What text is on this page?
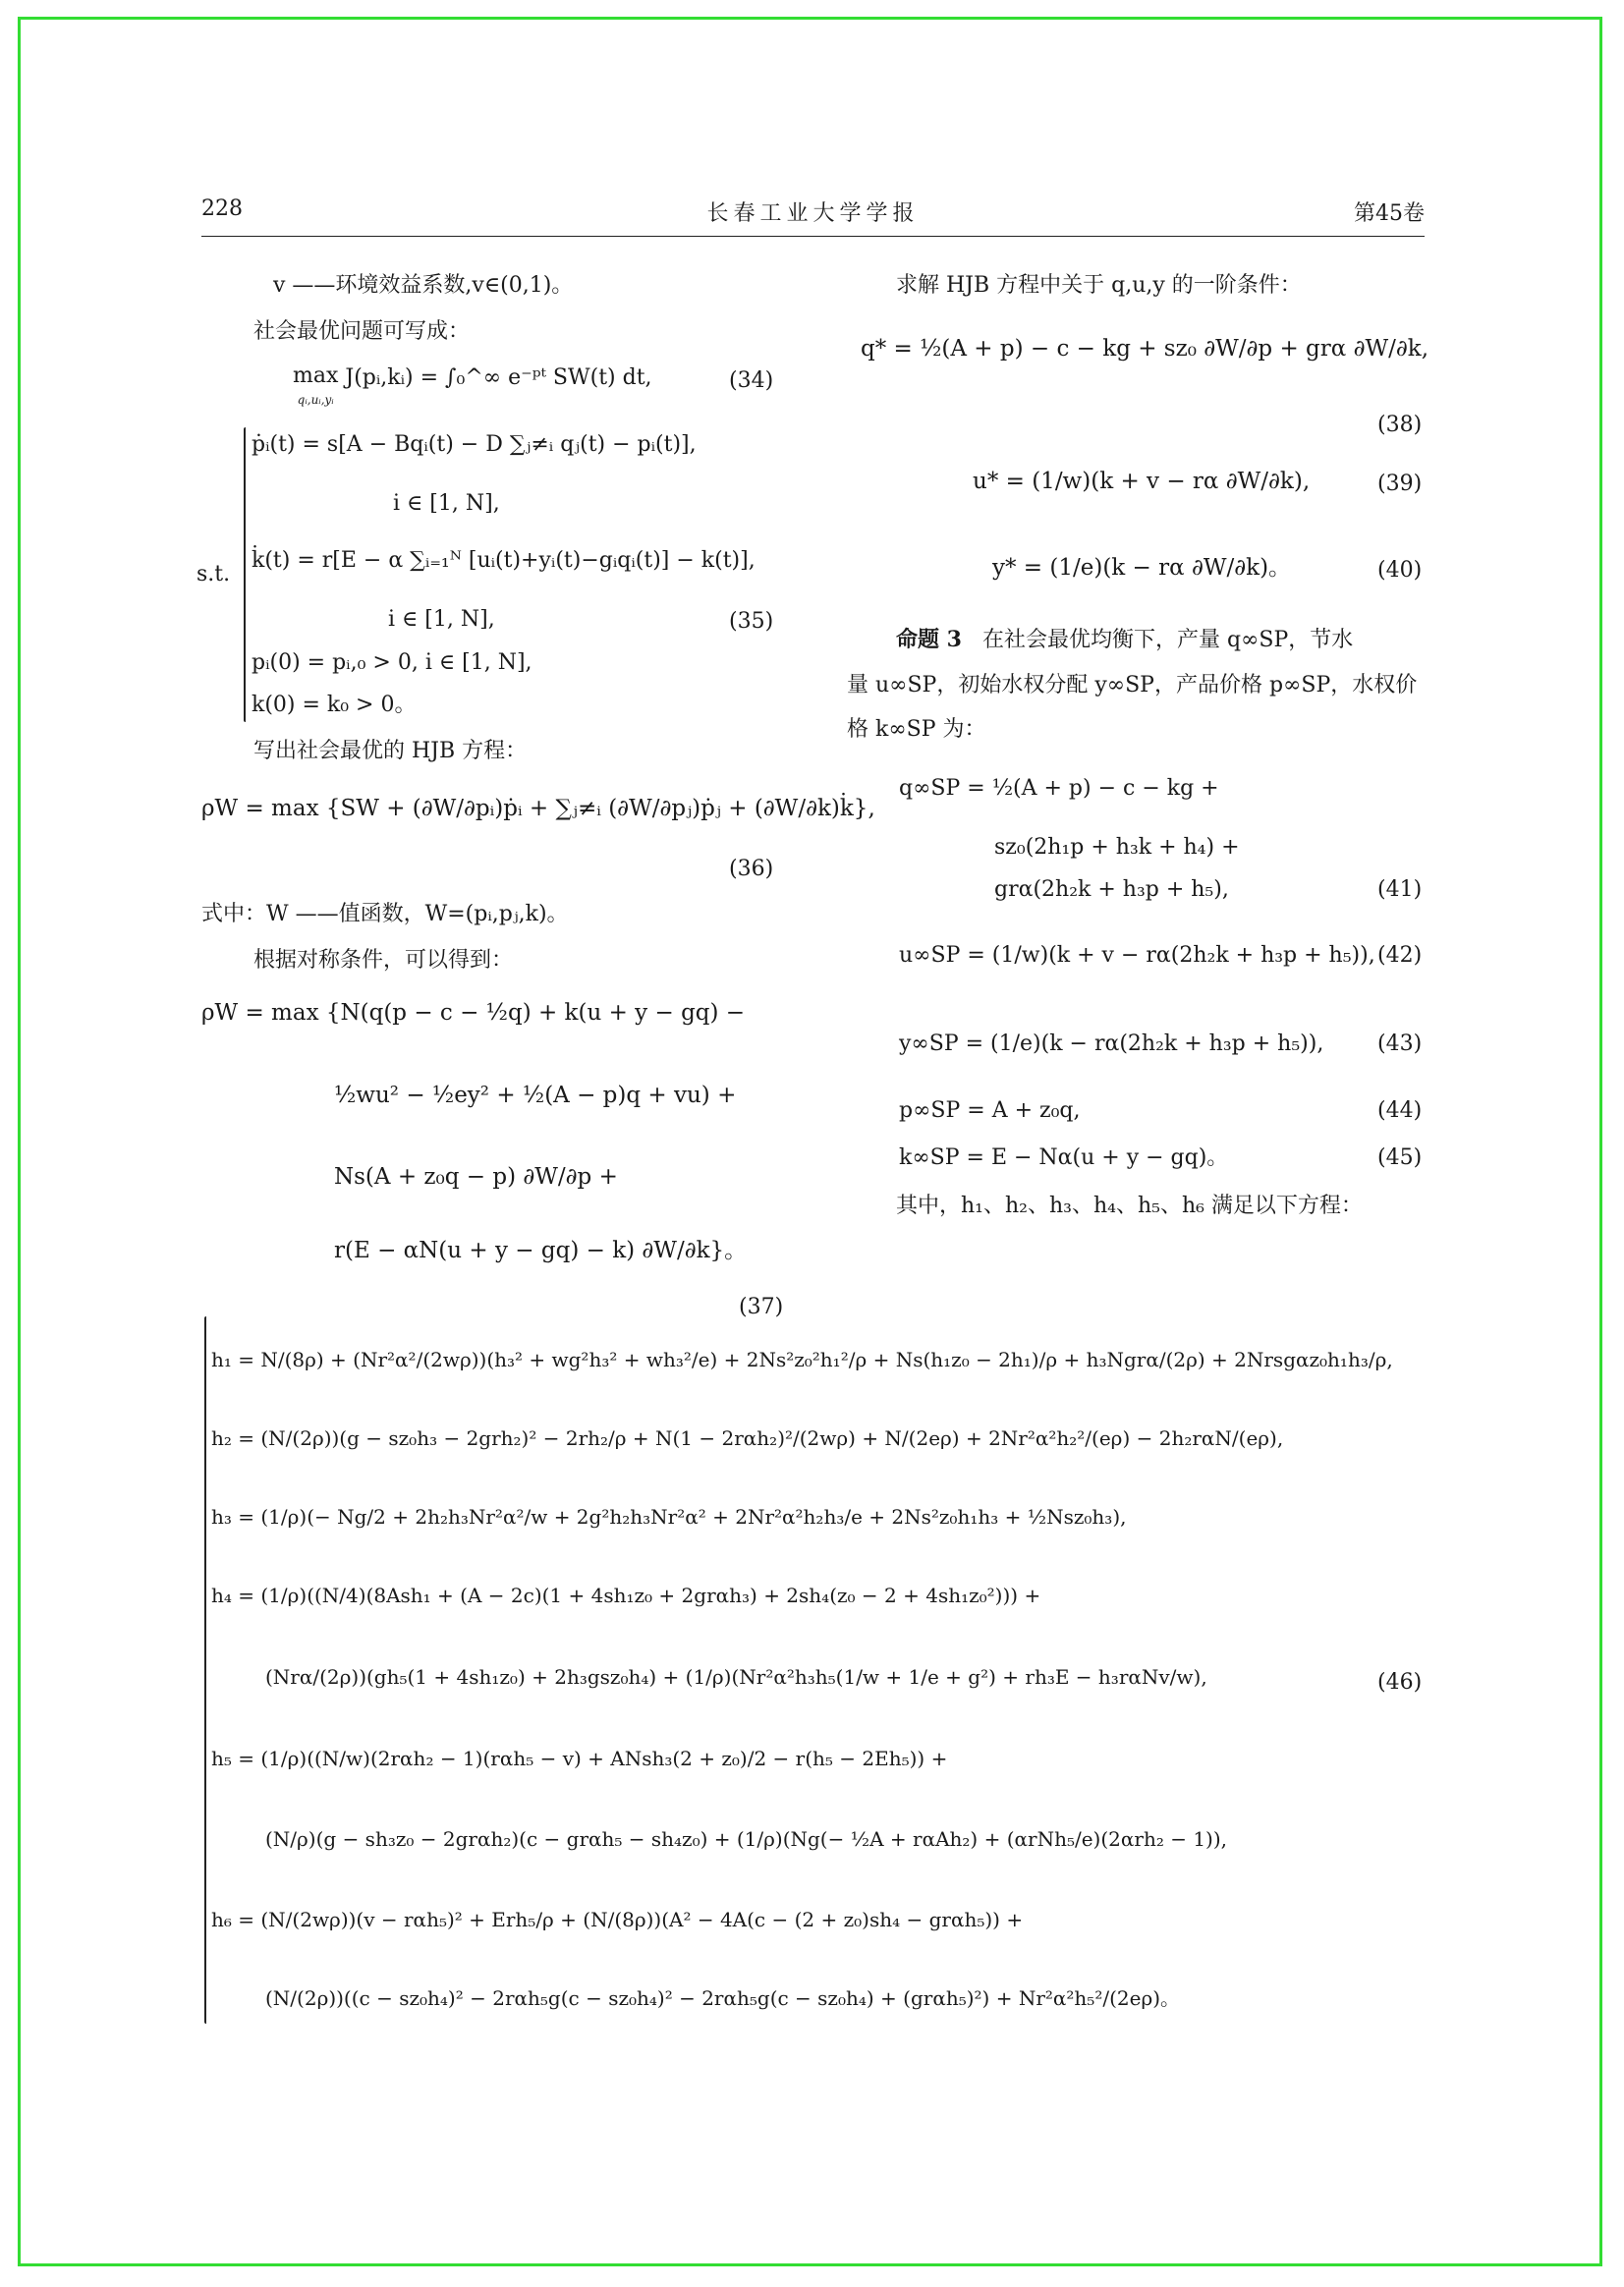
228	长春工业大学学报	第45卷
v ——环境效益系数,v∈(0,1)。
社会最优问题可写成：
max
qᵢ,uᵢ,yᵢ J(pᵢ,kᵢ) = ∫₀^∞ e⁻ᵖᵗ SW(t) dt,	(34)
s.t.
ṗᵢ(t) = s[A − Bqᵢ(t) − D ∑ⱼ≠ᵢ qⱼ(t) − pᵢ(t)],
i ∈ [1, N],
k̇(t) = r[E − α ∑ᵢ₌₁ᴺ [uᵢ(t)+yᵢ(t)−gᵢqᵢ(t)] − k(t)],
i ∈ [1, N],	(35)
pᵢ(0) = pᵢ,₀ > 0, i ∈ [1, N],
k(0) = k₀ > 0。
写出社会最优的 HJB 方程：
ρW = max {SW + (∂W/∂pᵢ)ṗᵢ + ∑ⱼ≠ᵢ (∂W/∂pⱼ)ṗⱼ + (∂W/∂k)k̇},
(36)
式中：W ——值函数，W=(pᵢ,pⱼ,k)。
根据对称条件，可以得到：
ρW = max {N(q(p − c − ½q) + k(u + y − gq) −
½wu² − ½ey² + ½(A − p)q + vu) +
Ns(A + z₀q − p) ∂W/∂p +
r(E − αN(u + y − gq) − k) ∂W/∂k}。
(37)
求解 HJB 方程中关于 q,u,y 的一阶条件：
q* = ½(A + p) − c − kg + sz₀ ∂W/∂p + grα ∂W/∂k,
(38)
u* = (1/w)(k + v − rα ∂W/∂k),	(39)
y* = (1/e)(k − rα ∂W/∂k)。	(40)
命题 3 在社会最优均衡下，产量 q∞SP，节水
量 u∞SP，初始水权分配 y∞SP，产品价格 p∞SP，水权价
格 k∞SP 为：
q∞SP = ½(A + p) − c − kg +
sz₀(2h₁p + h₃k + h₄) +
grα(2h₂k + h₃p + h₅),	(41)
u∞SP = (1/w)(k + v − rα(2h₂k + h₃p + h₅)), (42)
y∞SP = (1/e)(k − rα(2h₂k + h₃p + h₅)), (43)
p∞SP = A + z₀q,	(44)
k∞SP = E − Nα(u + y − gq)。	(45)
其中，h₁、h₂、h₃、h₄、h₅、h₆ 满足以下方程：
h₁ = N/(8ρ) + (Nr²α²/(2wρ))(h₃² + wg²h₃² + wh₃²/e) + 2Ns²z₀²h₁²/ρ + Ns(h₁z₀ − 2h₁)/ρ + h₃Ngrα/(2ρ) + 2Nrsgαz₀h₁h₃/ρ,
h₂ = (N/(2ρ))(g − sz₀h₃ − 2grh₂)² − 2rh₂/ρ + N(1 − 2rαh₂)²/(2wρ) + N/(2eρ) + 2Nr²α²h₂²/(eρ) − 2h₂rαN/(eρ),
h₃ = (1/ρ)(− Ng/2 + 2h₂h₃Nr²α²/w + 2g²h₂h₃Nr²α² + 2Nr²α²h₂h₃/e + 2Ns²z₀h₁h₃ + ½Nsz₀h₃),
h₄ = (1/ρ)((N/4)(8Ash₁ + (A − 2c)(1 + 4sh₁z₀ + 2grαh₃) + 2sh₄(z₀ − 2 + 4sh₁z₀²))) +
(Nrα/(2ρ))(gh₅(1 + 4sh₁z₀) + 2h₃gsz₀h₄) + (1/ρ)(Nr²α²h₃h₅(1/w + 1/e + g²) + rh₃E − h₃rαNv/w),	(46)
h₅ = (1/ρ)((N/w)(2rαh₂ − 1)(rαh₅ − v) + ANsh₃(2 + z₀)/2 − r(h₅ − 2Eh₅)) +
(N/ρ)(g − sh₃z₀ − 2grαh₂)(c − grαh₅ − sh₄z₀) + (1/ρ)(Ng(− ½A + rαAh₂) + (αrNh₅/e)(2αrh₂ − 1)),
h₆ = (N/(2wρ))(v − rαh₅)² + Erh₅/ρ + (N/(8ρ))(A² − 4A(c − (2 + z₀)sh₄ − grαh₅)) +
(N/(2ρ))((c − sz₀h₄)² − 2rαh₅g(c − sz₀h₄)² − 2rαh₅g(c − sz₀h₄) + (grαh₅)²) + Nr²α²h₅²/(2eρ)。
